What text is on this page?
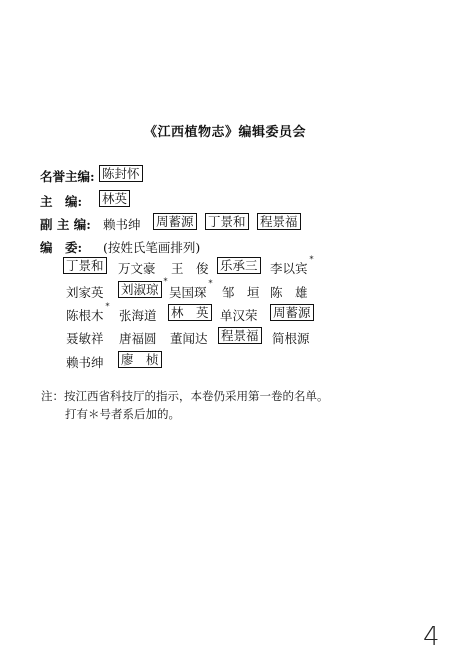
《江西植物志》编辑委员会
名誉主编: 陈封怀
主　编: 林英
副 主 编: 赖书绅 周蓄源 丁景和 程景福
编　委: (按姓氏笔画排列)
丁景和 万文豪 王　俊 乐承三 李以宾
*
刘家英 刘淑琼
*
吴国琛
*
邹　垣 陈　雄
陈根木
*
张海道 林　英 单汉荣 周蓄源
聂敏祥 唐福圆 董闻达 程景福 简根源
赖书绅 廖　桢
注：按江西省科技厅的指示，本卷仍采用第一卷的名单。
打有＊号者系后加的。
4
